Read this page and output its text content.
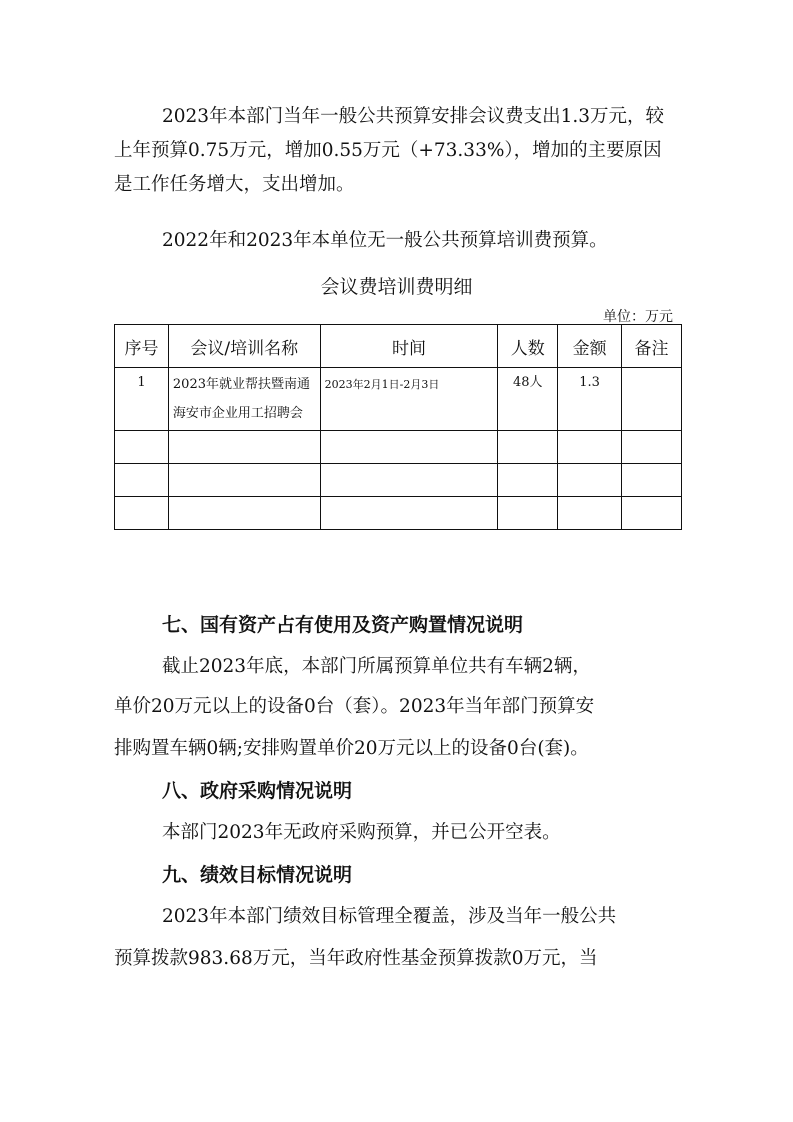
2023年本部门当年一般公共预算安排会议费支出1.3万元，较上年预算0.75万元，增加0.55万元（+73.33%），增加的主要原因是工作任务增大，支出增加。

2022年和2023年本单位无一般公共预算培训费预算。

会议费培训费明细

单位：万元

序号	会议/培训名称	时间	人数	金额	备注
1	2023年就业帮扶暨南通海安市企业用工招聘会	2023年2月1日-2月3日	48人	1.3	

七、国有资产占有使用及资产购置情况说明

截止2023年底，本部门所属预算单位共有车辆2辆，

单价20万元以上的设备0台（套）。2023年当年部门预算安

排购置车辆0辆;安排购置单价20万元以上的设备0台(套)。

八、政府采购情况说明

本部门2023年无政府采购预算，并已公开空表。

九、绩效目标情况说明

2023年本部门绩效目标管理全覆盖，涉及当年一般公共

预算拨款983.68万元，当年政府性基金预算拨款0万元，当
